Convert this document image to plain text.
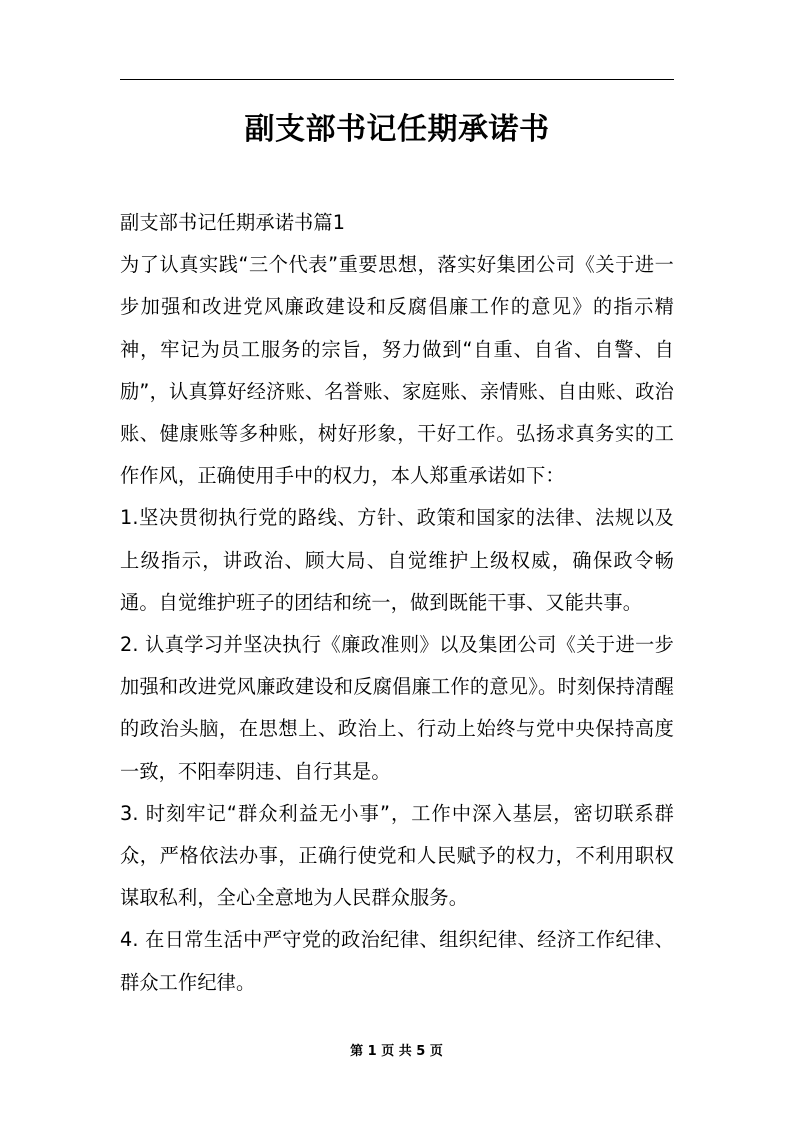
副支部书记任期承诺书

副支部书记任期承诺书篇1

为了认真实践“三个代表”重要思想，落实好集团公司《关于进一步加强和改进党风廉政建设和反腐倡廉工作的意见》的指示精神，牢记为员工服务的宗旨，努力做到“自重、自省、自警、自励”，认真算好经济账、名誉账、家庭账、亲情账、自由账、政治账、健康账等多种账，树好形象，干好工作。弘扬求真务实的工作作风，正确使用手中的权力，本人郑重承诺如下：

1.坚决贯彻执行党的路线、方针、政策和国家的法律、法规以及上级指示，讲政治、顾大局、自觉维护上级权威，确保政令畅通。自觉维护班子的团结和统一，做到既能干事、又能共事。

2. 认真学习并坚决执行《廉政准则》以及集团公司《关于进一步加强和改进党风廉政建设和反腐倡廉工作的意见》。时刻保持清醒的政治头脑，在思想上、政治上、行动上始终与党中央保持高度一致，不阳奉阴违、自行其是。

3. 时刻牢记“群众利益无小事”，工作中深入基层，密切联系群众，严格依法办事，正确行使党和人民赋予的权力，不利用职权谋取私利，全心全意地为人民群众服务。

4. 在日常生活中严守党的政治纪律、组织纪律、经济工作纪律、群众工作纪律。

第 1 页 共 5 页
